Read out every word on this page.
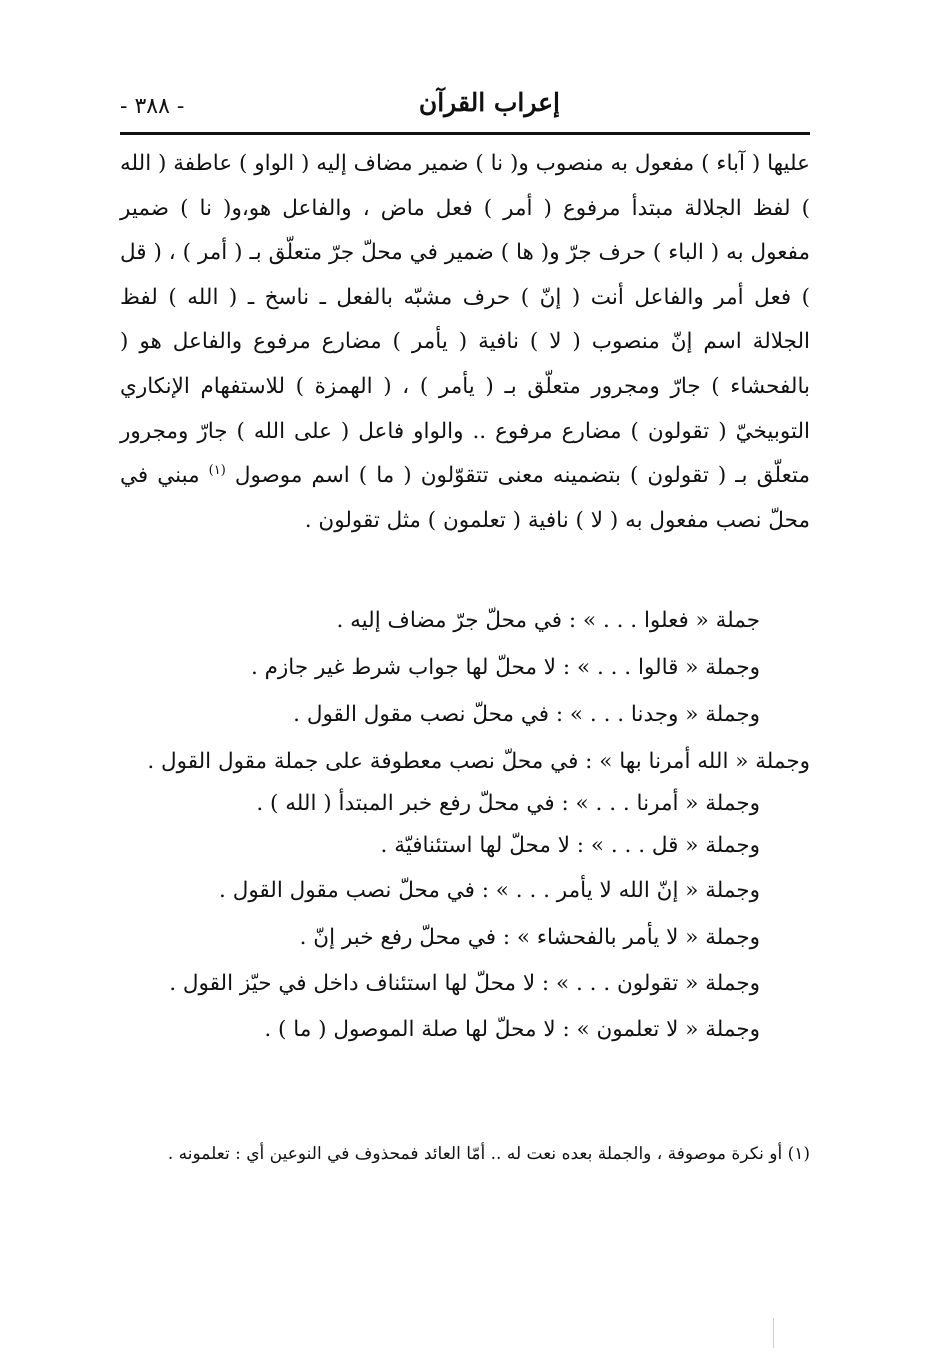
إعراب القرآن
- ٣٨٨ -

عليها ( آباء ) مفعول به منصوب و( نا ) ضمير مضاف إليه ( الواو ) عاطفة ( الله ) لفظ الجلالة مبتدأ مرفوع ( أمر ) فعل ماض ، والفاعل هو،و( نا ) ضمير مفعول به ( الباء ) حرف جرّ و( ها ) ضمير في محلّ جرّ متعلّق بـ ( أمر ) ، ( قل ) فعل أمر والفاعل أنت ( إنّ ) حرف مشبّه بالفعل ـ ناسخ ـ ( الله ) لفظ الجلالة اسم إنّ منصوب ( لا ) نافية ( يأمر ) مضارع مرفوع والفاعل هو ( بالفحشاء ) جارّ ومجرور متعلّق بـ ( يأمر ) ، ( الهمزة ) للاستفهام الإنكاري التوبيخيّ ( تقولون ) مضارع مرفوع .. والواو فاعل ( على الله ) جارّ ومجرور متعلّق بـ ( تقولون ) بتضمينه معنى تتقوّلون ( ما ) اسم موصول $^{(١)}$ مبني في محلّ نصب مفعول به ( لا ) نافية ( تعلمون ) مثل تقولون .

جملة « فعلوا . . . » : في محلّ جرّ مضاف إليه .

وجملة « قالوا . . . » : لا محلّ لها جواب شرط غير جازم .

وجملة « وجدنا . . . » : في محلّ نصب مقول القول .

وجملة « الله أمرنا بها » : في محلّ نصب معطوفة على جملة مقول القول .

وجملة « أمرنا . . . » : في محلّ رفع خبر المبتدأ ( الله ) .

وجملة « قل . . . » : لا محلّ لها استئنافيّة .

وجملة « إنّ الله لا يأمر . . . » : في محلّ نصب مقول القول .

وجملة « لا يأمر بالفحشاء » : في محلّ رفع خبر إنّ .

وجملة « تقولون . . . » : لا محلّ لها استئناف داخل في حيّز القول .

وجملة « لا تعلمون » : لا محلّ لها صلة الموصول ( ما ) .

(١) أو نكرة موصوفة ، والجملة بعده نعت له .. أمّا العائد فمحذوف في النوعين أي : تعلمونه .
